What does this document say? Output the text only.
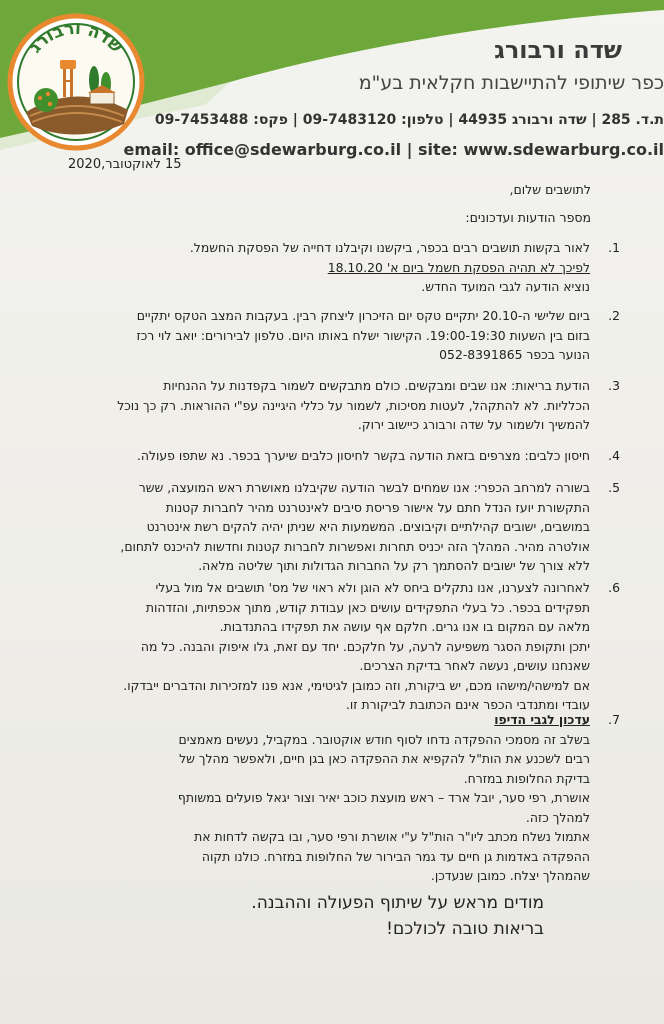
שדה ורבורג	שדה ורבורג
כפר שיתופי להתיישבות חקלאית בע"מ
ת.ד. 285 | שדה ורבורג 44935 | טלפון: 09-7483120 | פקס: 09-7453488
email: office@sdewarburg.co.il | site: www.sdewarburg.co.il
15 לאוקטובר,2020
לתושבים שלום,
מספר הודעות ועדכונים:
1.

לאור בקשות תושבים רבים בכפר, ביקשנו וקיבלנו דחייה של הפסקת החשמל.

לפיכך לא תהיה הפסקת חשמל ביום א' 18.10.20

נוציא הודעה לגבי המועד החדש.

2.

ביום שלישי ה-20.10 יתקיים טקס יום הזיכרון ליצחק רבין. בעקבות המצב הטקס יתקיים

בזום בין השעות 19:00-19:30. הקישור ישלח באותו היום. טלפון לבירורים: יואב לוי רכז

הנוער בכפר 052-8391865

3.

הודעת בריאות: אנו שבים ומבקשים. כולם מתבקשים לשמור בקפדנות על ההנחיות

הכלליות. לא להתקהל, לעטות מסיכות, לשמור על כללי היגיינה עפ"י ההוראות. רק כך נוכל

להמשיך ולשמור על שדה ורבורג כיישוב ירוק.

4.

חיסון כלבים: מצרפים בזאת הודעה בקשר לחיסון כלבים שיערך בכפר. נא שתפו פעולה.

5.

בשורה למרחב הכפרי: אנו שמחים לבשר הודעה שקיבלנו מאושרת ראש המועצה, ששר

התקשורת יועז הנדל חתם על אישור פריסת סיבים לאינטרנט מהיר לחברות קטנות

במושבים, ישובים קהילתיים וקיבוצים. המשמעות היא שניתן יהיה להקים רשת אינטרנט

אולטרה מהיר. המהלך הזה יכניס תחרות ואפשרות לחברות קטנות וחדשות להיכנס לתחום,

ללא צורך של ישובים להסתמך רק על החברות הגדולות ותוך שליטה מלאה.

6.

לאחרונה לצערנו, אנו נתקלים ביחס לא הוגן ולא ראוי של מס' תושבים אל מול בעלי

תפקידים בכפר. כל בעלי התפקידים עושים כאן עבודת קודש, מתוך אכפתיות, והזדהות

מלאה עם המקום בו אנו גרים. חלקם אף עושה את תפקידו בהתנדבות.

יתכן ותקופת הסגר משפיעה לרעה, על חלקכם. יחד עם זאת, גלו איפוק והבנה. כל מה

שאנחנו עושים, נעשה לאחר בדיקת הצרכים.

אם למישהי/מישהו מכם, יש ביקורת, וזה כמובן לגיטימי, אנא פנו למזכירות והדברים ייבדקו.

עובדי ומתנדבי הכפר אינם הכתובת לביקורת זו.

7.

עדכון לגבי הדיפו

בשלב זה מסמכי ההפקדה נדחו לסוף חודש אוקטובר. במקביל, נעשים מאמצים

רבים לשכנע את הות"ל להקפיא את ההפקדה כאן בגן חיים, ולאפשר מהלך של

בדיקת החלופות במזרח.

אושרת, רפי סער, יובל ארד – ראש מועצת כוכב יאיר וצור יגאל פועלים במשותף

למהלך כזה.

אתמול נשלח מכתב ליו"ר הות"ל ע"י אושרת ורפי סער, ובו בקשה לדחות את

ההפקדה באדמות גן חיים עד גמר הבירור של החלופות במזרח. כולנו תקוה

שהמהלך יצלח. כמובן שנעדכן.

מודים מראש על שיתוף הפעולה וההבנה.
בריאות טובה לכולכם!
